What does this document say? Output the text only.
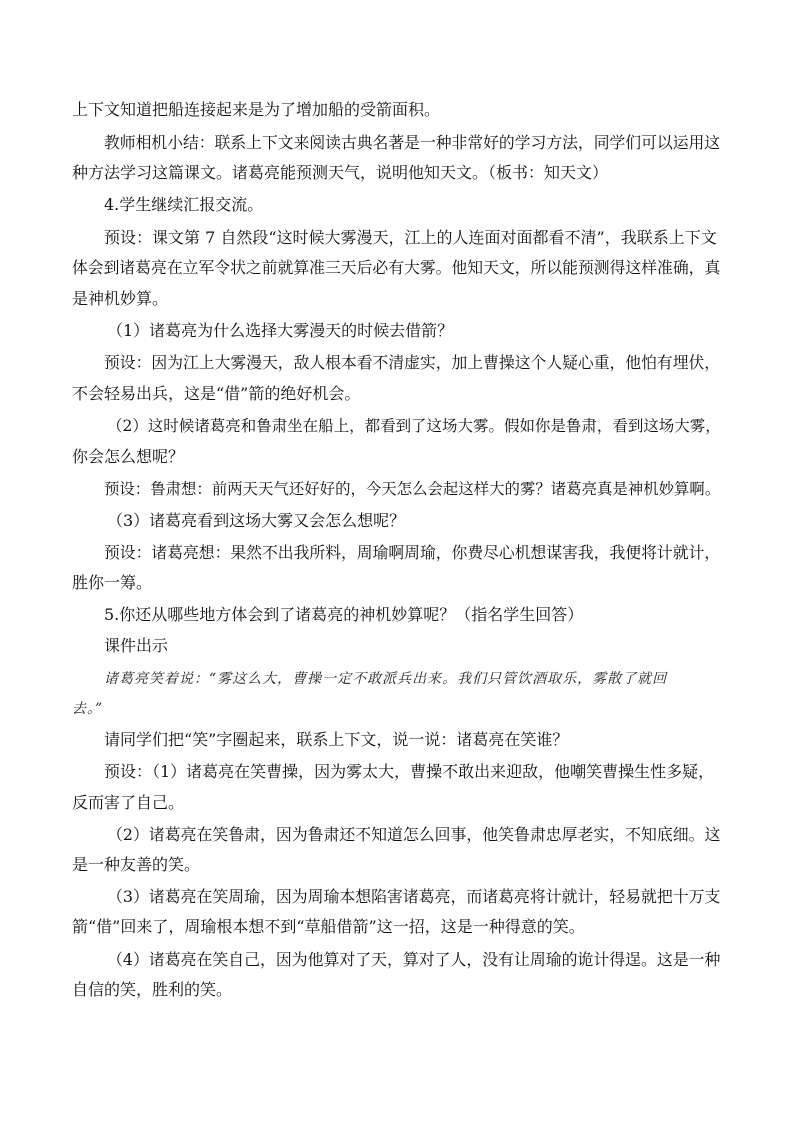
上下文知道把船连接起来是为了增加船的受箭面积。
教师相机小结：联系上下文来阅读古典名著是一种非常好的学习方法，同学们可以运用这
种方法学习这篇课文。诸葛亮能预测天气，说明他知天文。（板书：知天文）
4.学生继续汇报交流。
预设：课文第 7 自然段“这时候大雾漫天，江上的人连面对面都看不清”，我联系上下文
体会到诸葛亮在立军令状之前就算准三天后必有大雾。他知天文，所以能预测得这样准确，真
是神机妙算。
（1）诸葛亮为什么选择大雾漫天的时候去借箭？
预设：因为江上大雾漫天，敌人根本看不清虚实，加上曹操这个人疑心重，他怕有埋伏，
不会轻易出兵，这是“借”箭的绝好机会。
（2）这时候诸葛亮和鲁肃坐在船上，都看到了这场大雾。假如你是鲁肃，看到这场大雾，
你会怎么想呢？
预设：鲁肃想：前两天天气还好好的，今天怎么会起这样大的雾？诸葛亮真是神机妙算啊。
（3）诸葛亮看到这场大雾又会怎么想呢？
预设：诸葛亮想：果然不出我所料，周瑜啊周瑜，你费尽心机想谋害我，我便将计就计，
胜你一筹。
5.你还从哪些地方体会到了诸葛亮的神机妙算呢？（指名学生回答）
课件出示
诸葛亮笑着说：“雾这么大，曹操一定不敢派兵出来。我们只管饮酒取乐，雾散了就回
去。”
请同学们把“笑”字圈起来，联系上下文，说一说：诸葛亮在笑谁？
预设：（1）诸葛亮在笑曹操，因为雾太大，曹操不敢出来迎敌，他嘲笑曹操生性多疑，
反而害了自己。
（2）诸葛亮在笑鲁肃，因为鲁肃还不知道怎么回事，他笑鲁肃忠厚老实，不知底细。这
是一种友善的笑。
（3）诸葛亮在笑周瑜，因为周瑜本想陷害诸葛亮，而诸葛亮将计就计，轻易就把十万支
箭“借”回来了，周瑜根本想不到“草船借箭”这一招，这是一种得意的笑。
（4）诸葛亮在笑自己，因为他算对了天，算对了人，没有让周瑜的诡计得逞。这是一种
自信的笑，胜利的笑。
